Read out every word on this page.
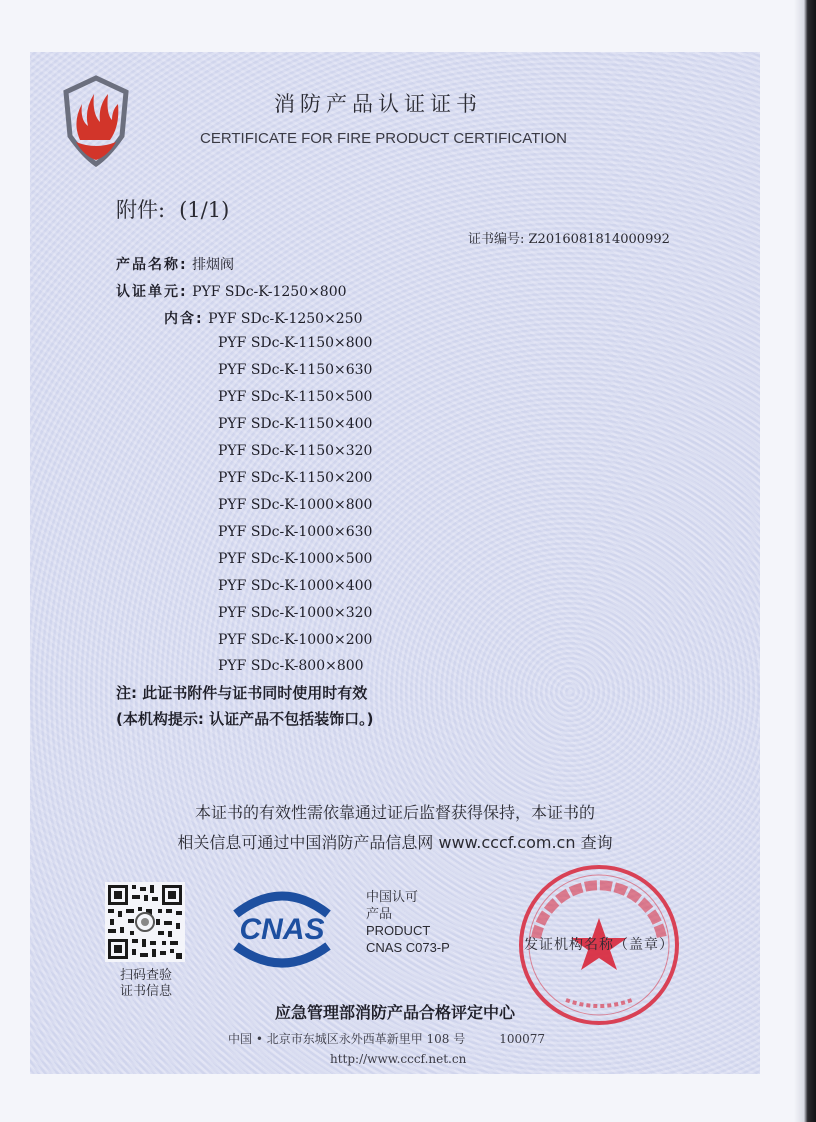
消防产品认证证书
CERTIFICATE FOR FIRE PRODUCT CERTIFICATION
附件: (1/1)
证书编号: Z2016081814000992
产品名称: 排烟阀
认证单元: PYF SDc-K-1250×800
内含: PYF SDc-K-1250×250
PYF SDc-K-1150×800
PYF SDc-K-1150×630
PYF SDc-K-1150×500
PYF SDc-K-1150×400
PYF SDc-K-1150×320
PYF SDc-K-1150×200
PYF SDc-K-1000×800
PYF SDc-K-1000×630
PYF SDc-K-1000×500
PYF SDc-K-1000×400
PYF SDc-K-1000×320
PYF SDc-K-1000×200
PYF SDc-K-800×800
注: 此证书附件与证书同时使用时有效
(本机构提示: 认证产品不包括装饰口。)
本证书的有效性需依靠通过证后监督获得保持，本证书的
相关信息可通过中国消防产品信息网 www.cccf.com.cn 查询
扫码查验
证书信息
CNAS
中国认可
产品
PRODUCT
CNAS C073-P	发证机构名称（盖章）
应急管理部消防产品合格评定中心
中国 • 北京市东城区永外西革新里甲 108 号	100077
http://www.cccf.net.cn
